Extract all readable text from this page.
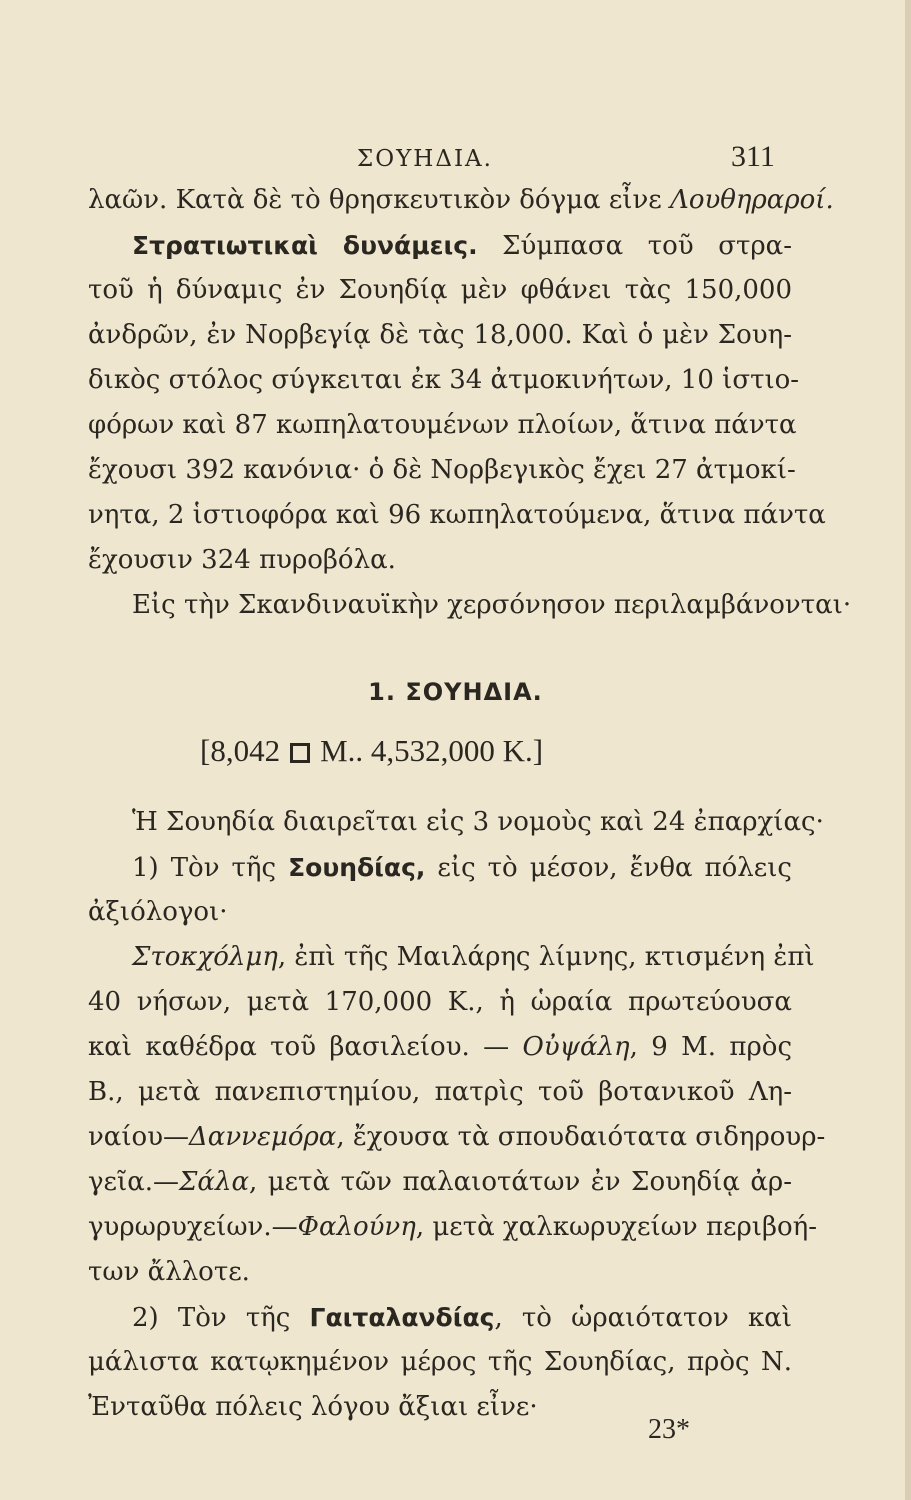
ΣΟΥΗΔΙΑ.	311
λαῶν. Κατὰ δὲ τὸ θρησκευτικὸν δόγμα εἶνε Λουθηραροί.
Στρατιωτικαὶ δυνάμεις. Σύμπασα τοῦ στρα-
τοῦ ἡ δύναμις ἐν Σουηδίᾳ μὲν φθάνει τὰς 150,000
ἀνδρῶν, ἐν Νορβεγίᾳ δὲ τὰς 18,000. Καὶ ὁ μὲν Σουη-
δικὸς στόλος σύγκειται ἐκ 34 ἀτμοκινήτων, 10 ἱστιο-
φόρων καὶ 87 κωπηλατουμένων πλοίων, ἅτινα πάντα
ἔχουσι 392 κανόνια· ὁ δὲ Νορβεγικὸς ἔχει 27 ἀτμοκί-
νητα, 2 ἱστιοφόρα καὶ 96 κωπηλατούμενα, ἅτινα πάντα
ἔχουσιν 324 πυροβόλα.
Εἰς τὴν Σκανδιναυϊκὴν χερσόνησον περιλαμβάνονται·
1. ΣΟΥΗΔΙΑ.
[8,042 Μ.. 4,532,000 Κ.]
Ἡ Σουηδία διαιρεῖται εἰς 3 νομοὺς καὶ 24 ἐπαρχίας·
1) Τὸν τῆς Σουηδίας, εἰς τὸ μέσον, ἔνθα πόλεις
ἀξιόλογοι·
Στοκχόλμη, ἐπὶ τῆς Μαιλάρης λίμνης, κτισμένη ἐπὶ
40 νήσων, μετὰ 170,000 Κ., ἡ ὡραία πρωτεύουσα
καὶ καθέδρα τοῦ βασιλείου. — Οὐψάλη, 9 Μ. πρὸς
Β., μετὰ πανεπιστημίου, πατρὶς τοῦ βοτανικοῦ Λη-
ναίου—Δαννεμόρα, ἔχουσα τὰ σπουδαιότατα σιδηρουρ-
γεῖα.—Σάλα, μετὰ τῶν παλαιοτάτων ἐν Σουηδίᾳ ἀρ-
γυρωρυχείων.—Φαλούνη, μετὰ χαλκωρυχείων περιβοή-
των ἄλλοτε.
2) Τὸν τῆς Γαιταλανδίας, τὸ ὡραιότατον καὶ
μάλιστα κατῳκημένον μέρος τῆς Σουηδίας, πρὸς Ν.
Ἐνταῦθα πόλεις λόγου ἄξιαι εἶνε·
23*
